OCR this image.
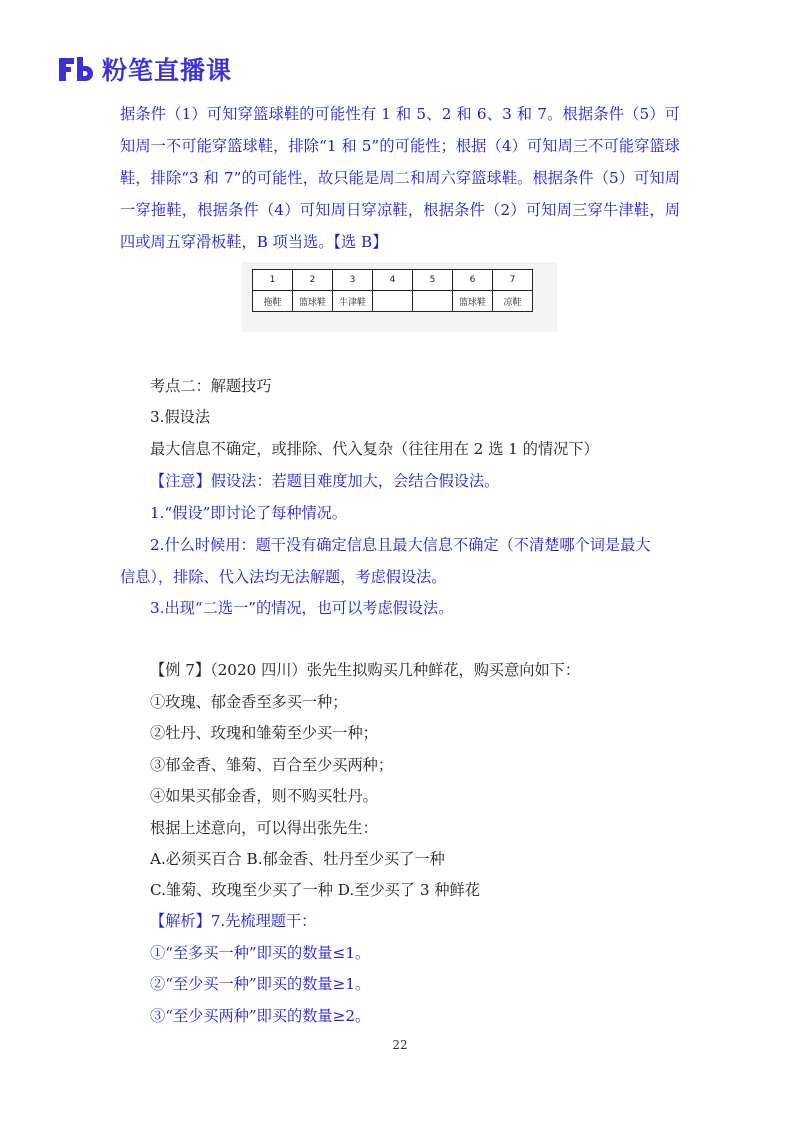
粉笔直播课
据条件（1）可知穿篮球鞋的可能性有 1 和 5、2 和 6、3 和 7。根据条件（5）可知周一不可能穿篮球鞋，排除“1 和 5”的可能性；根据（4）可知周三不可能穿篮球鞋，排除“3 和 7”的可能性，故只能是周二和周六穿篮球鞋。根据条件（5）可知周一穿拖鞋，根据条件（4）可知周日穿凉鞋，根据条件（2）可知周三穿牛津鞋，周四或周五穿滑板鞋，B 项当选。【选 B】
1	2	3	4	5	6	7
拖鞋	篮球鞋	牛津鞋			篮球鞋	凉鞋
考点二：解题技巧
3.假设法
最大信息不确定，或排除、代入复杂（往往用在 2 选 1 的情况下）
【注意】假设法：若题目难度加大，会结合假设法。
1.“假设”即讨论了每种情况。
2.什么时候用：题干没有确定信息且最大信息不确定（不清楚哪个词是最大
信息），排除、代入法均无法解题，考虑假设法。
3.出现“二选一”的情况，也可以考虑假设法。
【例 7】（2020 四川）张先生拟购买几种鲜花，购买意向如下：
①玫瑰、郁金香至多买一种；
②牡丹、玫瑰和雏菊至少买一种；
③郁金香、雏菊、百合至少买两种；
④如果买郁金香，则不购买牡丹。
根据上述意向，可以得出张先生：
A.必须买百合 B.郁金香、牡丹至少买了一种
C.雏菊、玫瑰至少买了一种 D.至少买了 3 种鲜花
【解析】7.先梳理题干：
①“至多买一种”即买的数量≤1。
②“至少买一种”即买的数量≥1。
③“至少买两种”即买的数量≥2。
22
